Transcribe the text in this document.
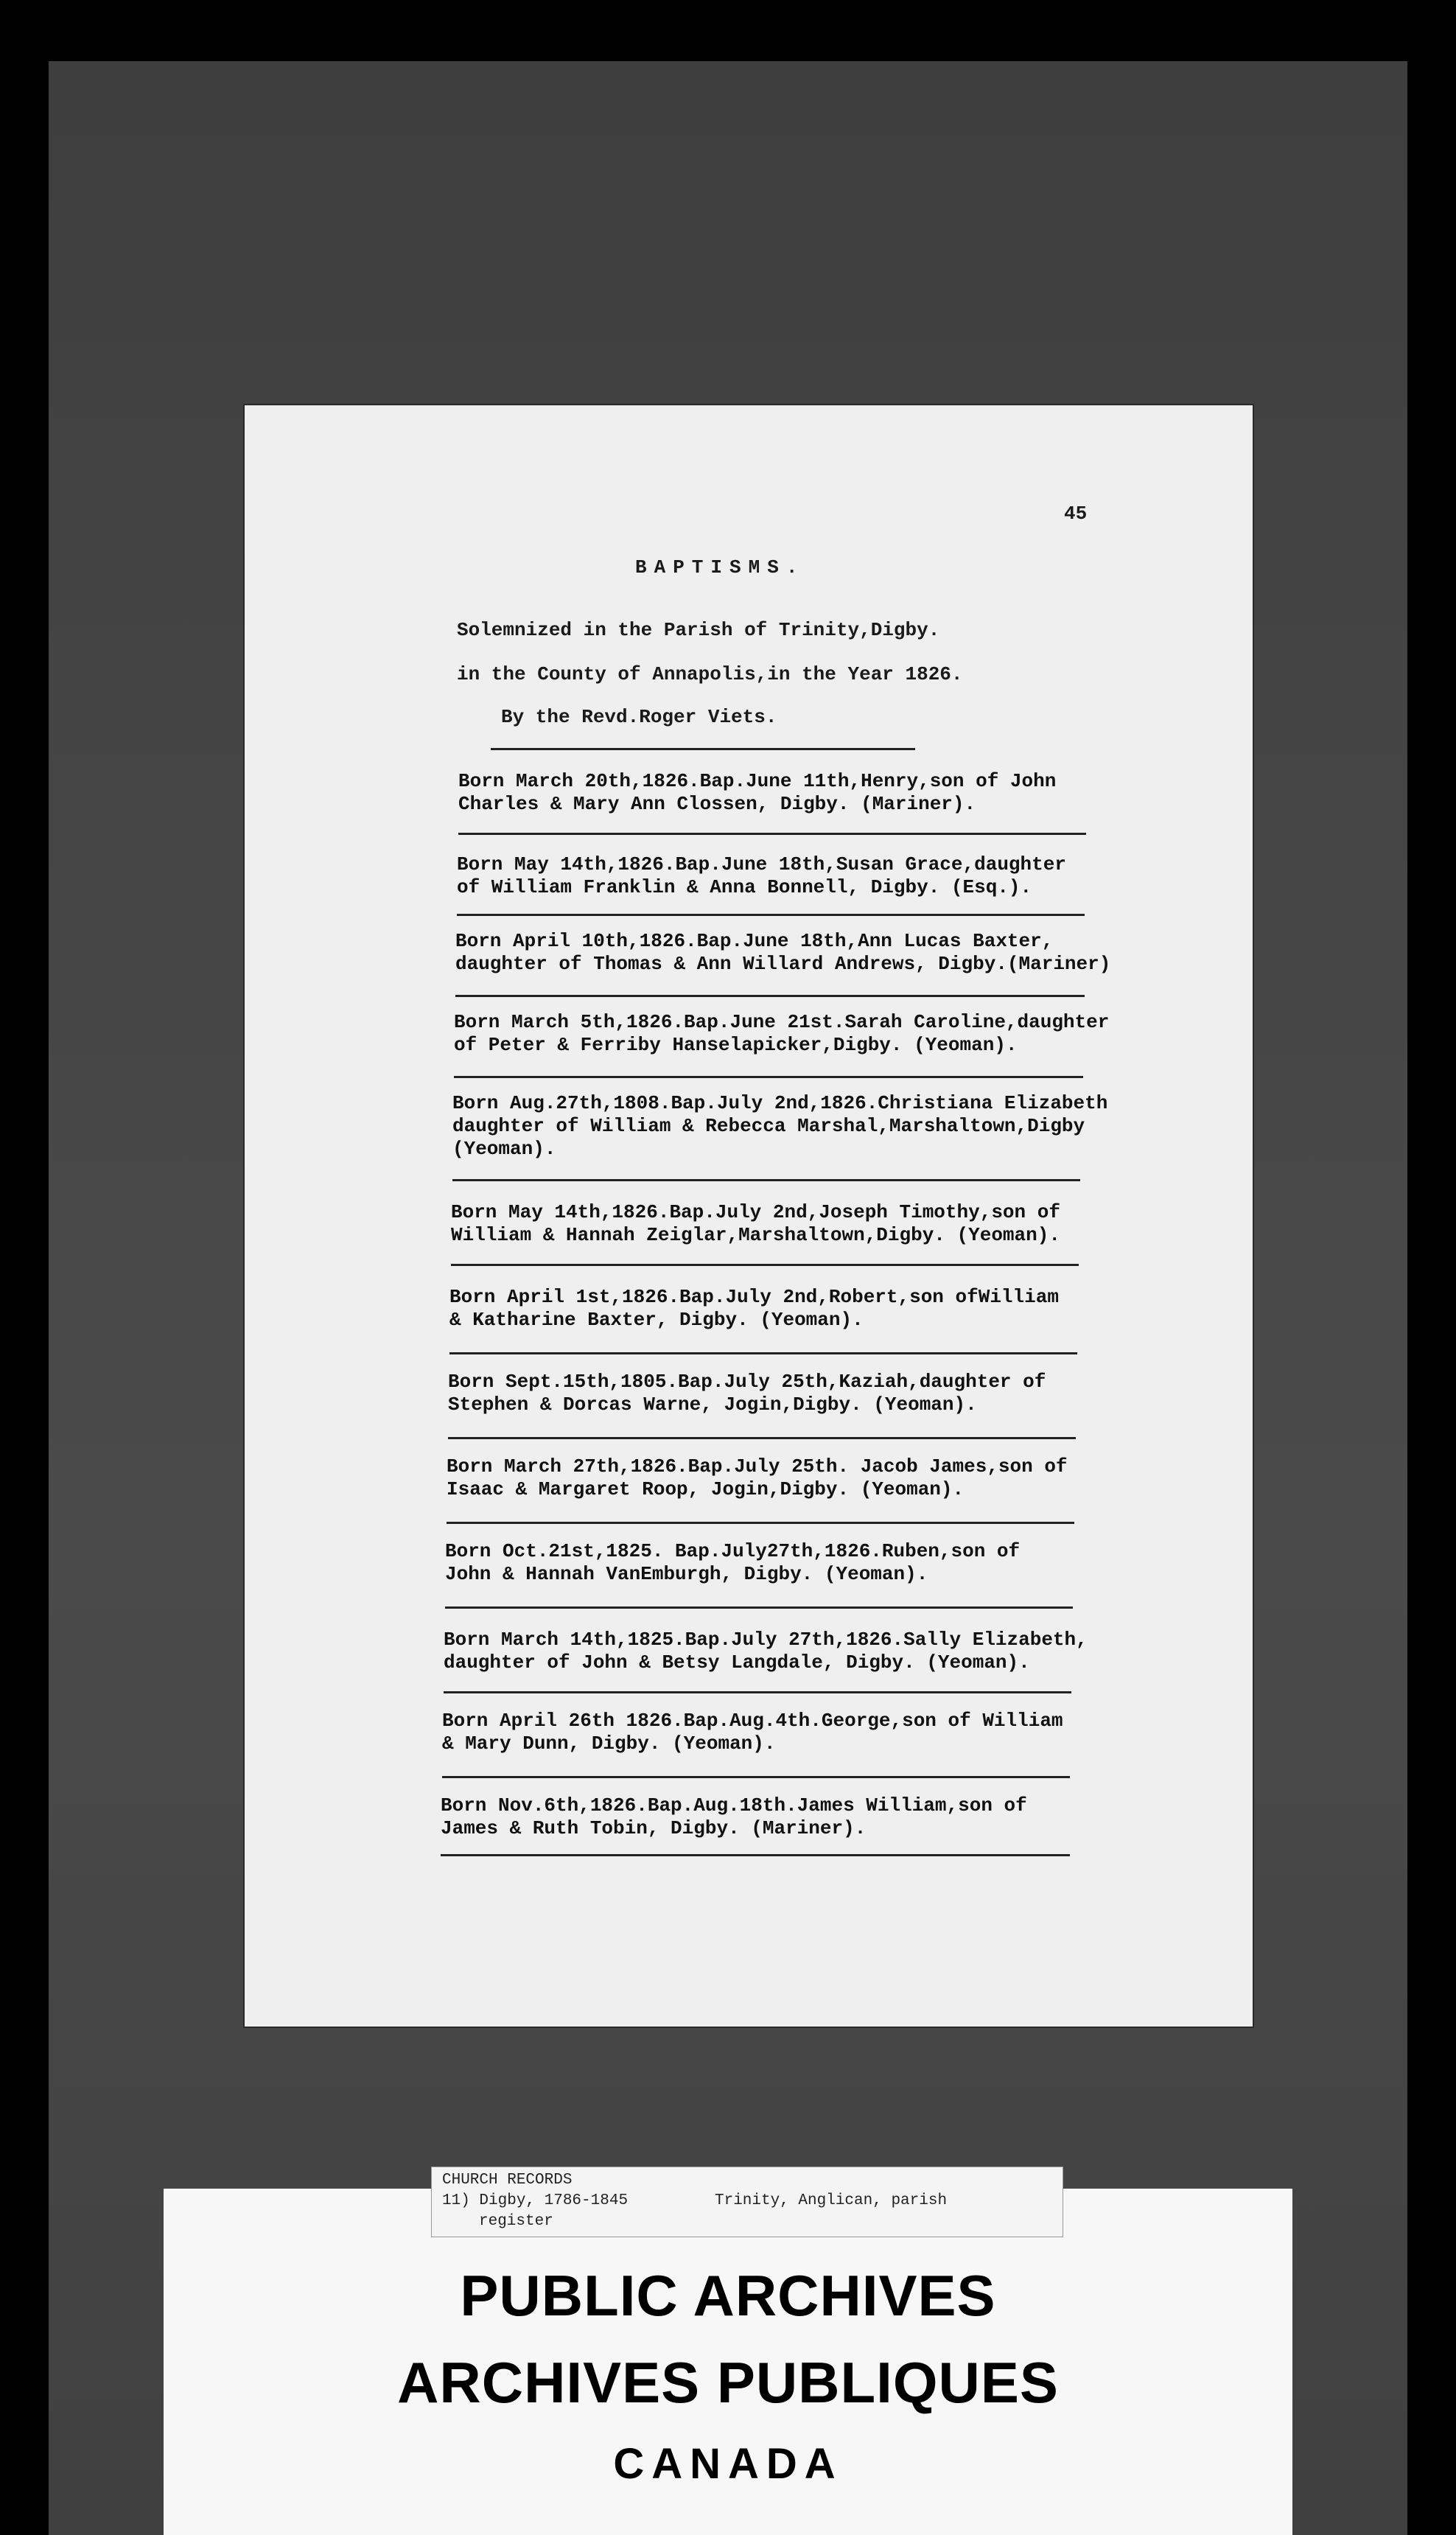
45
BAPTISMS.
Solemnized in the Parish of Trinity,Digby.
in the County of Annapolis,in the Year 1826.
By the Revd.Roger Viets.
Born March 20th,1826.Bap.June 11th,Henry,son of John
Charles & Mary Ann Clossen, Digby. (Mariner).
Born May 14th,1826.Bap.June 18th,Susan Grace,daughter
of William Franklin & Anna Bonnell, Digby. (Esq.).
Born April 10th,1826.Bap.June 18th,Ann Lucas Baxter,
daughter of Thomas & Ann Willard Andrews, Digby.(Mariner)
Born March 5th,1826.Bap.June 21st.Sarah Caroline,daughter
of Peter & Ferriby Hanselapicker,Digby. (Yeoman).
Born Aug.27th,1808.Bap.July 2nd,1826.Christiana Elizabeth
daughter of William & Rebecca Marshal,Marshaltown,Digby
(Yeoman).
Born May 14th,1826.Bap.July 2nd,Joseph Timothy,son of
William & Hannah Zeiglar,Marshaltown,Digby. (Yeoman).
Born April 1st,1826.Bap.July 2nd,Robert,son ofWilliam
& Katharine Baxter, Digby. (Yeoman).
Born Sept.15th,1805.Bap.July 25th,Kaziah,daughter of
Stephen & Dorcas Warne, Jogin,Digby. (Yeoman).
Born March 27th,1826.Bap.July 25th. Jacob James,son of
Isaac & Margaret Roop, Jogin,Digby. (Yeoman).
Born Oct.21st,1825. Bap.July27th,1826.Ruben,son of
John & Hannah VanEmburgh, Digby. (Yeoman).
Born March 14th,1825.Bap.July 27th,1826.Sally Elizabeth,
daughter of John & Betsy Langdale, Digby. (Yeoman).
Born April 26th 1826.Bap.Aug.4th.George,son of William
& Mary Dunn, Digby. (Yeoman).
Born Nov.6th,1826.Bap.Aug.18th.James William,son of
James & Ruth Tobin, Digby. (Mariner).
PUBLIC ARCHIVES
ARCHIVES PUBLIQUES
CANADA
CHURCH RECORDS
11) Digby, 1786-1845	Trinity, Anglican, parish
register
